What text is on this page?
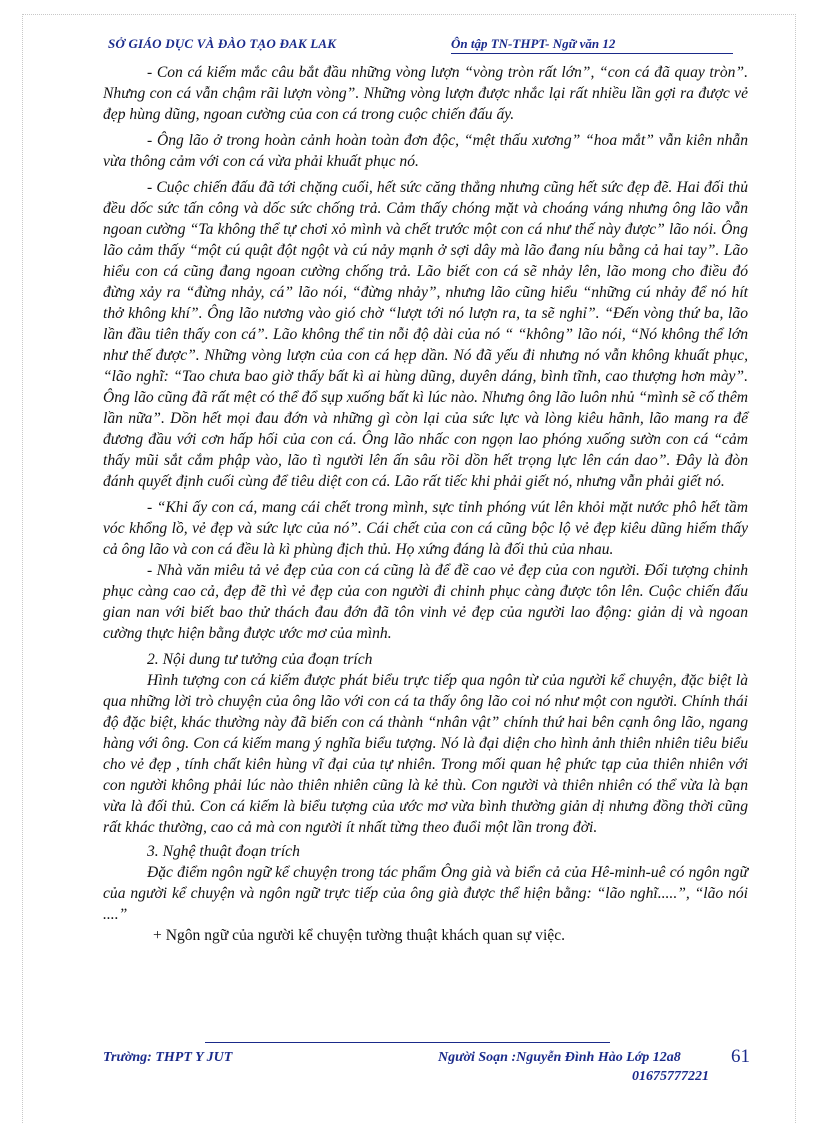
SỞ GIÁO DỤC VÀ ĐÀO TẠO ĐAK LAK	Ôn tập TN-THPT- Ngữ văn 12

- Con cá kiếm mắc câu bắt đầu những vòng lượn “vòng tròn rất lớn”, “con cá đã quay tròn”. Nhưng con cá vẫn chậm rãi lượn vòng”. Những vòng lượn được nhắc lại rất nhiều lần gợi ra được vẻ đẹp hùng dũng, ngoan cường của con cá trong cuộc chiến đấu ấy.

- Ông lão ở trong hoàn cảnh hoàn toàn đơn độc, “mệt thấu xương” “hoa mắt” vẫn kiên nhẫn vừa thông cảm với con cá vừa phải khuất phục nó.

- Cuộc chiến đấu đã tới chặng cuối, hết sức căng thẳng nhưng cũng hết sức đẹp đẽ. Hai đối thủ đều dốc sức tấn công và dốc sức chống trả. Cảm thấy chóng mặt và choáng váng nhưng ông lão vẫn ngoan cường “Ta không thể tự chơi xỏ mình và chết trước một con cá như thế này được” lão nói. Ông lão cảm thấy “một cú quật đột ngột và cú nảy mạnh ở sợi dây mà lão đang níu bằng cả hai tay”. Lão hiểu con cá cũng đang ngoan cường chống trả. Lão biết con cá sẽ nhảy lên, lão mong cho điều đó đừng xảy ra “đừng nhảy, cá” lão nói, “đừng nhảy”, nhưng lão cũng hiểu “những cú nhảy để nó hít thở không khí”. Ông lão nương vào gió chờ “lượt tới nó lượn ra, ta sẽ nghỉ”. “Đến vòng thứ ba, lão lần đầu tiên thấy con cá”. Lão không thể tin nỗi độ dài của nó “ “không” lão nói, “Nó không thể lớn như thế được”. Những vòng lượn của con cá hẹp dần. Nó đã yếu đi nhưng nó vẫn không khuất phục, “lão nghĩ: “Tao chưa bao giờ thấy bất kì ai hùng dũng, duyên dáng, bình tĩnh, cao thượng hơn mày”. Ông lão cũng đã rất mệt có thể đổ sụp xuống bất kì lúc nào. Nhưng ông lão luôn nhủ “mình sẽ cố thêm lần nữa”. Dồn hết mọi đau đớn và những gì còn lại của sức lực và lòng kiêu hãnh, lão mang ra để đương đầu với cơn hấp hối của con cá. Ông lão nhấc con ngọn lao phóng xuống sườn con cá “cảm thấy mũi sắt cắm phập vào, lão tì người lên ấn sâu rồi dồn hết trọng lực lên cán dao”. Đây là đòn đánh quyết định cuối cùng để tiêu diệt con cá. Lão rất tiếc khi phải giết nó, nhưng vẫn phải giết nó.

- “Khi ấy con cá, mang cái chết trong mình, sực tỉnh phóng vút lên khỏi mặt nước phô hết tầm vóc khổng lồ, vẻ đẹp và sức lực của nó”. Cái chết của con cá cũng bộc lộ vẻ đẹp kiêu dũng hiếm thấy cả ông lão và con cá đều là kì phùng địch thủ. Họ xứng đáng là đối thủ của nhau.

- Nhà văn miêu tả vẻ đẹp của con cá cũng là để đề cao vẻ đẹp của con người. Đối tượng chinh phục càng cao cả, đẹp đẽ thì vẻ đẹp của con người đi chinh phục càng được tôn lên. Cuộc chiến đấu gian nan với biết bao thử thách đau đớn đã tôn vinh vẻ đẹp của người lao động: giản dị và ngoan cường thực hiện bằng được ước mơ của mình.

2. Nội dung tư tưởng của đoạn trích

Hình tượng con cá kiếm được phát biểu trực tiếp qua ngôn từ của người kể chuyện, đặc biệt là qua những lời trò chuyện của ông lão với con cá ta thấy ông lão coi nó như một con người. Chính thái độ đặc biệt, khác thường này đã biến con cá thành “nhân vật” chính thứ hai bên cạnh ông lão, ngang hàng với ông. Con cá kiếm mang ý nghĩa biểu tượng. Nó là đại diện cho hình ảnh thiên nhiên tiêu biểu cho vẻ đẹp , tính chất kiên hùng vĩ đại của tự nhiên. Trong mối quan hệ phức tạp của thiên nhiên với con người không phải lúc nào thiên nhiên cũng là kẻ thù. Con người và thiên nhiên có thể vừa là bạn vừa là đối thủ. Con cá kiếm là biểu tượng của ước mơ vừa bình thường giản dị nhưng đồng thời cũng rất khác thường, cao cả mà con người ít nhất từng theo đuổi một lần trong đời.

3. Nghệ thuật đoạn trích

Đặc điểm ngôn ngữ kể chuyện trong tác phẩm Ông già và biển cả của Hê-minh-uê có ngôn ngữ của người kể chuyện và ngôn ngữ trực tiếp của ông già được thể hiện bằng: “lão nghĩ.....”, “lão nói ....”

+ Ngôn ngữ của người kể chuyện tường thuật khách quan sự việc.

Trường: THPT Y JUT	Người Soạn :Nguyễn Đình Hào Lớp 12a8
01675777221
61
